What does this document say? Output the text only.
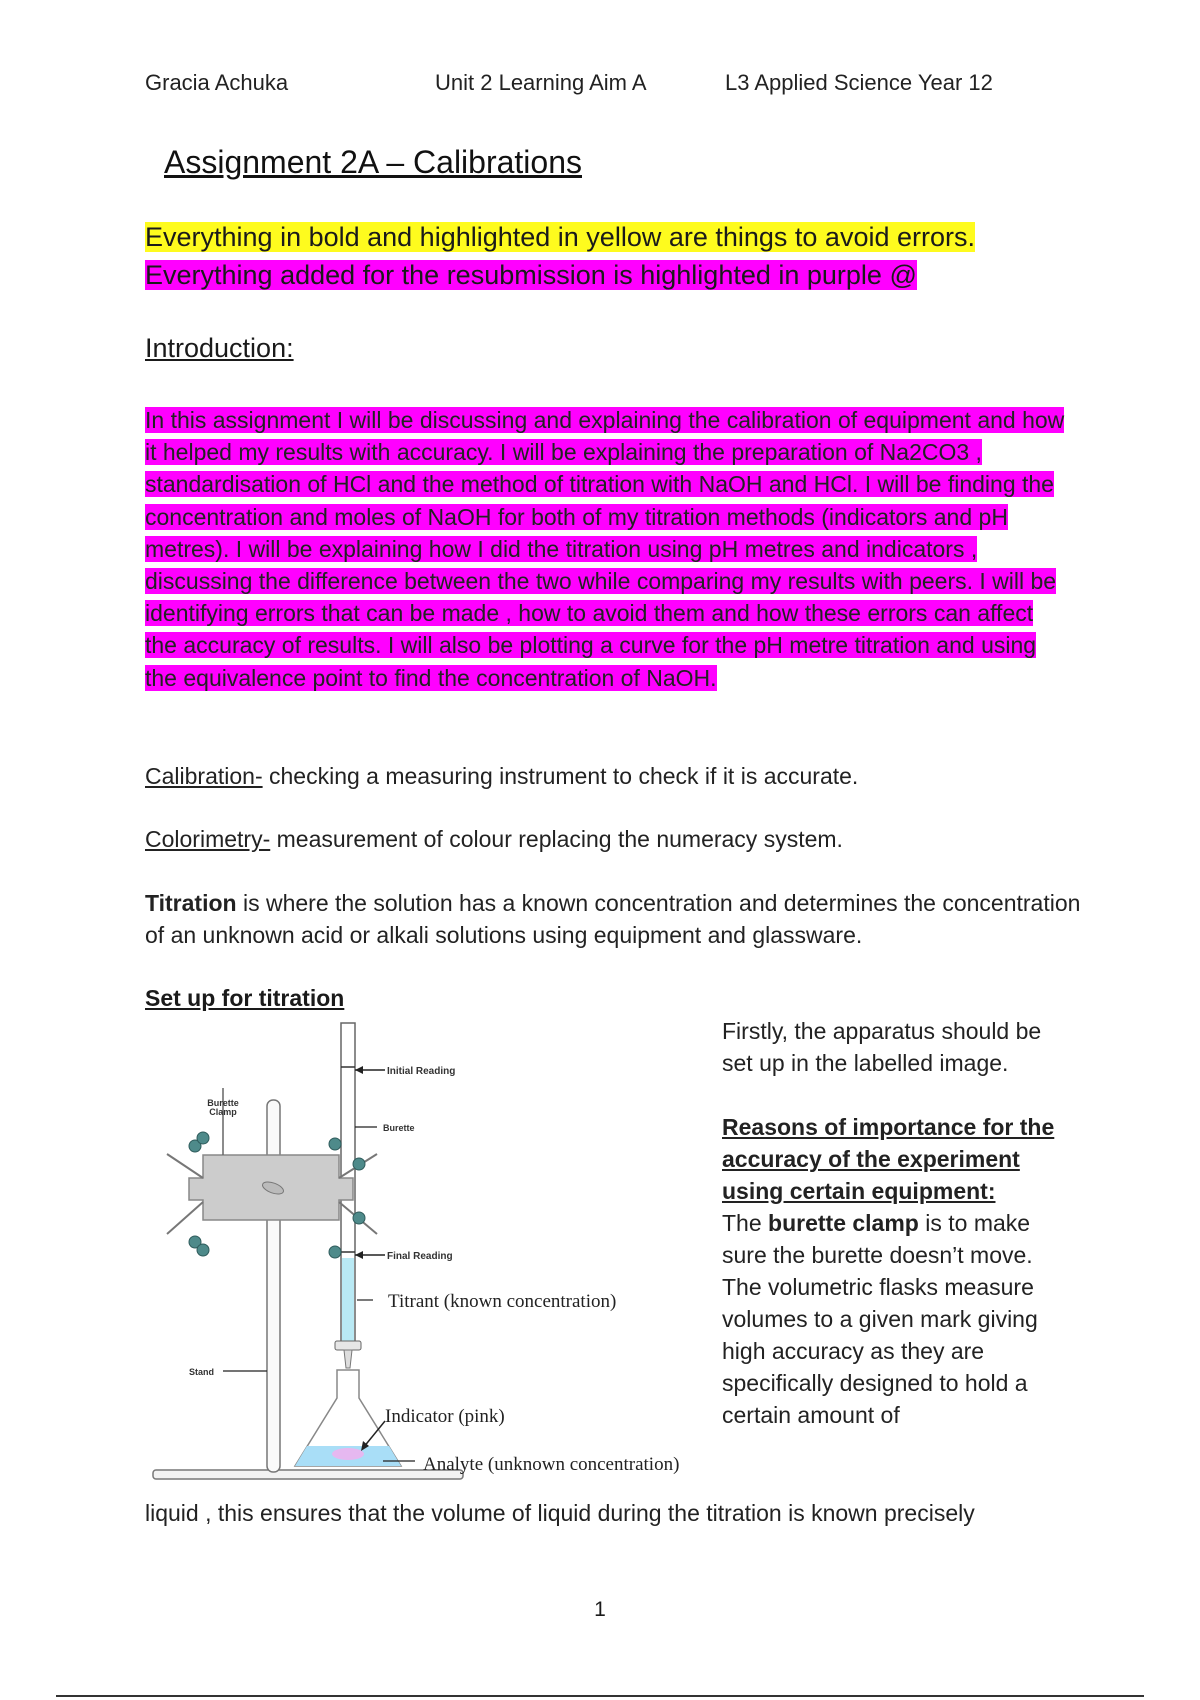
Gracia Achuka	Unit 2 Learning Aim A	L3 Applied Science Year 12
Assignment 2A – Calibrations
Everything in bold and highlighted in yellow are things to avoid errors.
Everything added for the resubmission is highlighted in purple @
Introduction:
In this assignment I will be discussing and explaining the calibration of equipment and how it helped my results with accuracy. I will be explaining the preparation of Na2CO3 , standardisation of HCl and the method of titration with NaOH and HCl. I will be finding the concentration and moles of NaOH for both of my titration methods (indicators and pH metres). I will be explaining how I did the titration using pH metres and indicators , discussing the difference between the two while comparing my results with peers. I will be identifying errors that can be made , how to avoid them and how these errors can affect the accuracy of results. I will also be plotting a curve for the pH metre titration and using the equivalence point to find the concentration of NaOH.
Calibration- checking a measuring instrument to check if it is accurate.
Colorimetry- measurement of colour replacing the numeracy system.
Titration is where the solution has a known concentration and determines the concentration of an unknown acid or alkali solutions using equipment and glassware.
Set up for titration
Initial Reading
Burette
Burette
Clamp
Final Reading
Titrant (known concentration)
Stand
Indicator (pink)
Analyte (unknown concentration)
Firstly, the apparatus should be set up in the labelled image.
Reasons of importance for the accuracy of the experiment using certain equipment:
The burette clamp is to make sure the burette doesn’t move. The volumetric flasks measure volumes to a given mark giving high accuracy as they are specifically designed to hold a certain amount of
liquid , this ensures that the volume of liquid during the titration is known precisely
1
